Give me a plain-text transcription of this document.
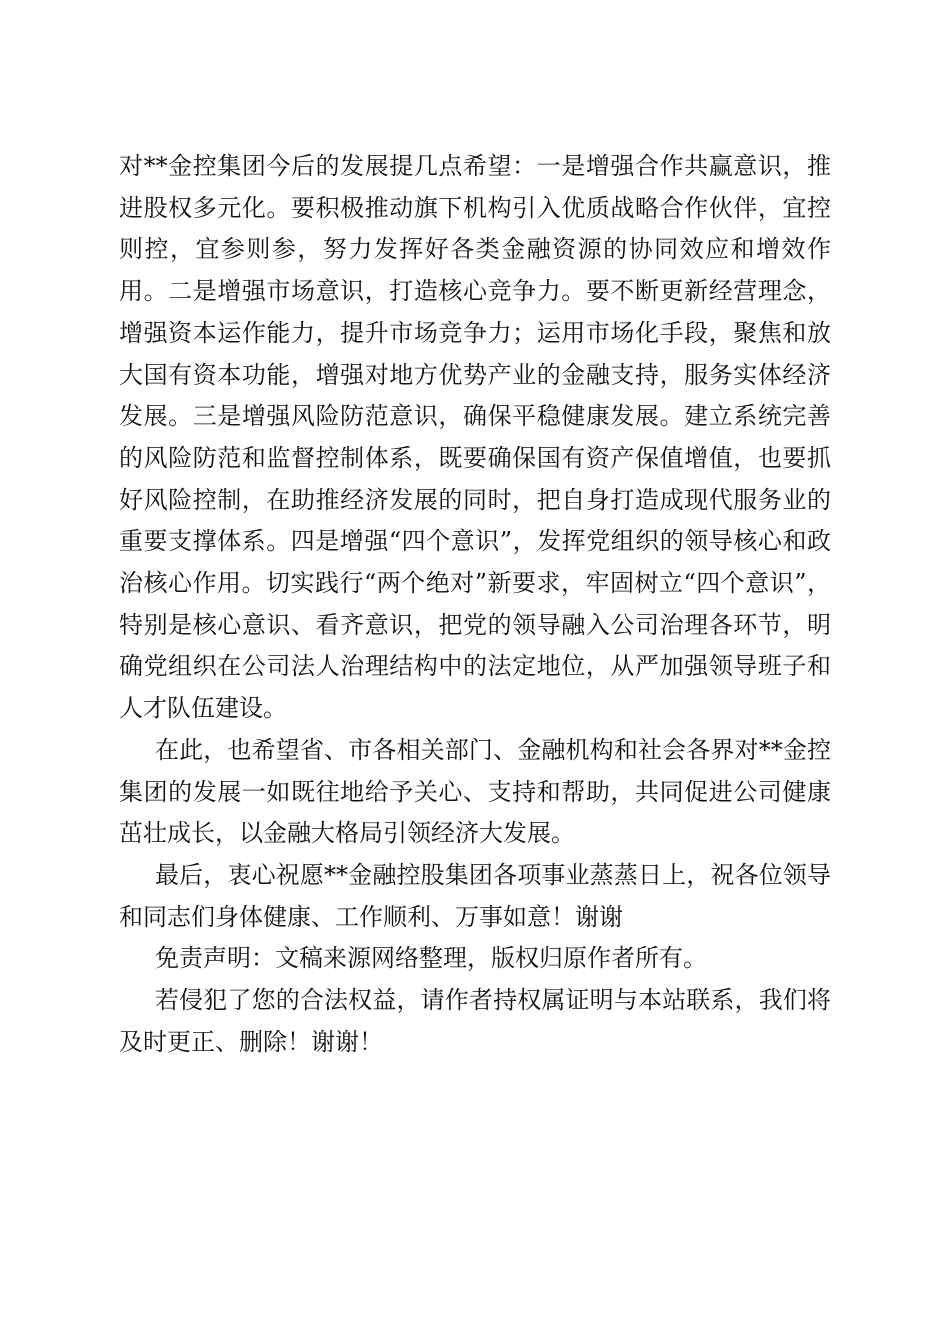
对**金控集团今后的发展提几点希望：一是增强合作共赢意识，推进股权多元化。要积极推动旗下机构引入优质战略合作伙伴，宜控则控，宜参则参，努力发挥好各类金融资源的协同效应和增效作用。二是增强市场意识，打造核心竞争力。要不断更新经营理念，增强资本运作能力，提升市场竞争力；运用市场化手段，聚焦和放大国有资本功能，增强对地方优势产业的金融支持，服务实体经济发展。三是增强风险防范意识，确保平稳健康发展。建立系统完善的风险防范和监督控制体系，既要确保国有资产保值增值，也要抓好风险控制，在助推经济发展的同时，把自身打造成现代服务业的重要支撑体系。四是增强“四个意识”，发挥党组织的领导核心和政治核心作用。切实践行“两个绝对”新要求，牢固树立“四个意识”，特别是核心意识、看齐意识，把党的领导融入公司治理各环节，明确党组织在公司法人治理结构中的法定地位，从严加强领导班子和人才队伍建设。

在此，也希望省、市各相关部门、金融机构和社会各界对**金控集团的发展一如既往地给予关心、支持和帮助，共同促进公司健康茁壮成长，以金融大格局引领经济大发展。

最后，衷心祝愿**金融控股集团各项事业蒸蒸日上，祝各位领导和同志们身体健康、工作顺利、万事如意！谢谢

免责声明：文稿来源网络整理，版权归原作者所有。

若侵犯了您的合法权益，请作者持权属证明与本站联系，我们将及时更正、删除！谢谢！
